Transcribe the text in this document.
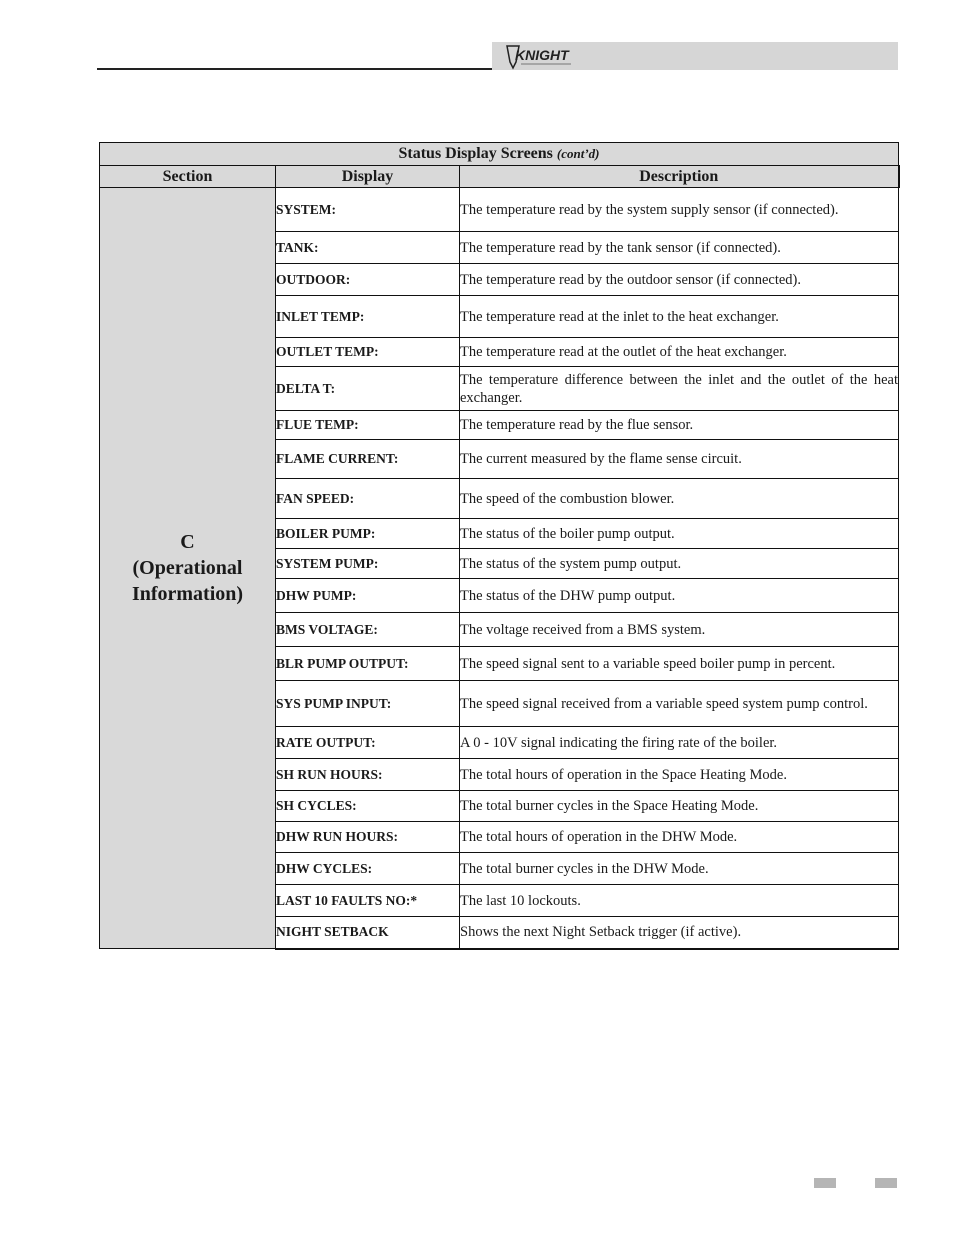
KNIGHT
Status Display Screens (cont’d)		
Section	Display	Description

C
(Operational
Information)	SYSTEM:	The temperature read by the system supply sensor (if connected).
	TANK:	The temperature read by the tank sensor (if connected).
	OUTDOOR:	The temperature read by the outdoor sensor (if connected).
	INLET TEMP:	The temperature read at the inlet to the heat exchanger.
	OUTLET TEMP:	The temperature read at the outlet of the heat exchanger.
	DELTA T:	The temperature difference between the inlet and the outlet of the heat exchanger.
	FLUE TEMP:	The temperature read by the flue sensor.
	FLAME CURRENT:	The current measured by the flame sense circuit.
	FAN SPEED:	The speed of the combustion blower.
	BOILER PUMP:	The status of the boiler pump output.
	SYSTEM PUMP:	The status of the system pump output.
	DHW PUMP:	The status of the DHW pump output.
	BMS VOLTAGE:	The voltage received from a BMS system.
	BLR PUMP OUTPUT:	The speed signal sent to a variable speed boiler pump in percent.
	SYS PUMP INPUT:	The speed signal received from a variable speed system pump control.
	RATE OUTPUT:	A 0 - 10V signal indicating the firing rate of the boiler.
	SH RUN HOURS:	The total hours of operation in the Space Heating Mode.
	SH CYCLES:	The total burner cycles in the Space Heating Mode.
	DHW RUN HOURS:	The total hours of operation in the DHW Mode.
	DHW CYCLES:	The total burner cycles in the DHW Mode.
	LAST 10 FAULTS NO:*	The last 10 lockouts.
	NIGHT SETBACK	Shows the next Night Setback trigger (if active).
